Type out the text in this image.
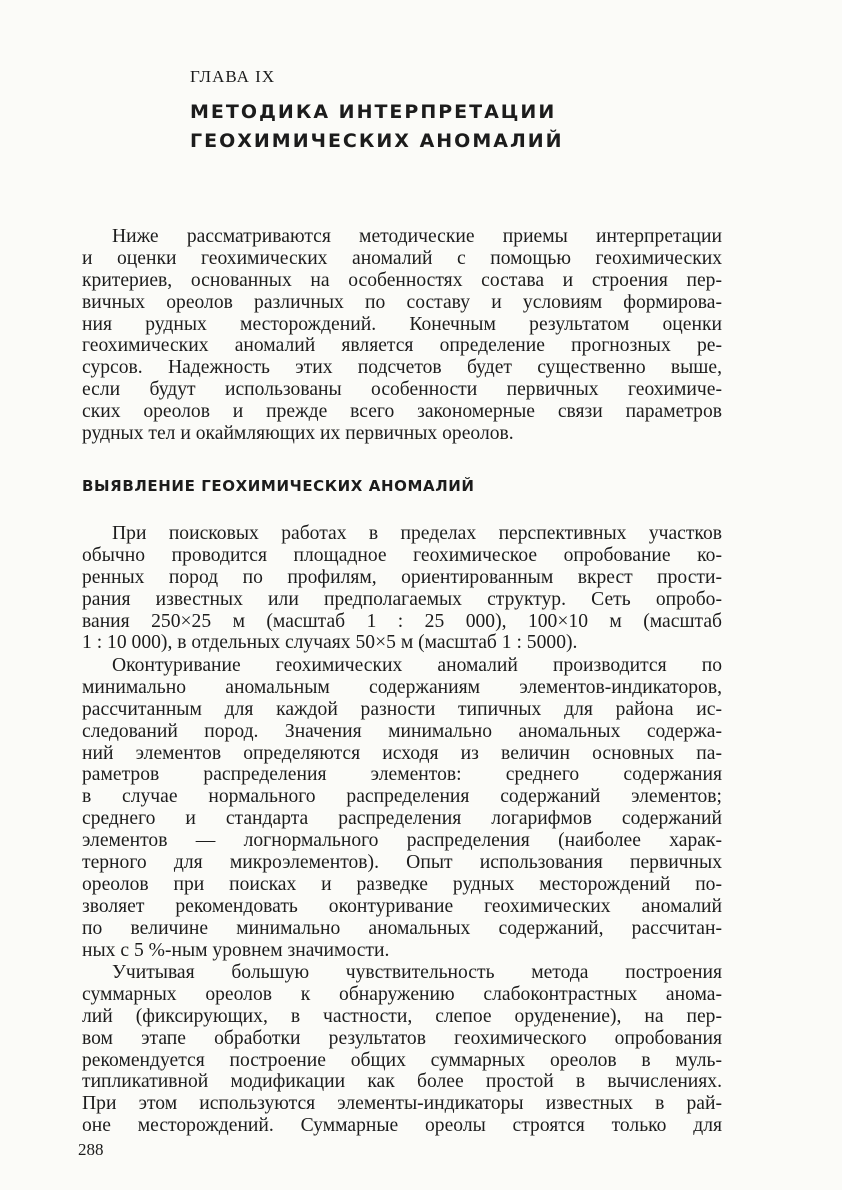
ГЛАВА IX
МЕТОДИКА ИНТЕРПРЕТАЦИИ
ГЕОХИМИЧЕСКИХ АНОМАЛИЙ
Ниже рассматриваются методические приемы интерпретации
и оценки геохимических аномалий с помощью геохимических
критериев, основанных на особенностях состава и строения пер-
вичных ореолов различных по составу и условиям формирова-
ния рудных месторождений. Конечным результатом оценки
геохимических аномалий является определение прогнозных ре-
сурсов. Надежность этих подсчетов будет существенно выше,
если будут использованы особенности первичных геохимиче-
ских ореолов и прежде всего закономерные связи параметров
рудных тел и окаймляющих их первичных ореолов.
ВЫЯВЛЕНИЕ ГЕОХИМИЧЕСКИХ АНОМАЛИЙ
При поисковых работах в пределах перспективных участков
обычно проводится площадное геохимическое опробование ко-
ренных пород по профилям, ориентированным вкрест прости-
рания известных или предполагаемых структур. Сеть опробо-
вания 250×25 м (масштаб 1 : 25 000), 100×10 м (масштаб
1 : 10 000), в отдельных случаях 50×5 м (масштаб 1 : 5000).
Оконтуривание геохимических аномалий производится по
минимально аномальным содержаниям элементов-индикаторов,
рассчитанным для каждой разности типичных для района ис-
следований пород. Значения минимально аномальных содержа-
ний элементов определяются исходя из величин основных па-
раметров распределения элементов: среднего содержания
в случае нормального распределения содержаний элементов;
среднего и стандарта распределения логарифмов содержаний
элементов — логнормального распределения (наиболее харак-
терного для микроэлементов). Опыт использования первичных
ореолов при поисках и разведке рудных месторождений по-
зволяет рекомендовать оконтуривание геохимических аномалий
по величине минимально аномальных содержаний, рассчитан-
ных с 5 %-ным уровнем значимости.
Учитывая большую чувствительность метода построения
суммарных ореолов к обнаружению слабоконтрастных анома-
лий (фиксирующих, в частности, слепое оруденение), на пер-
вом этапе обработки результатов геохимического опробования
рекомендуется построение общих суммарных ореолов в муль-
типликативной модификации как более простой в вычислениях.
При этом используются элементы-индикаторы известных в рай-
оне месторождений. Суммарные ореолы строятся только для
288
